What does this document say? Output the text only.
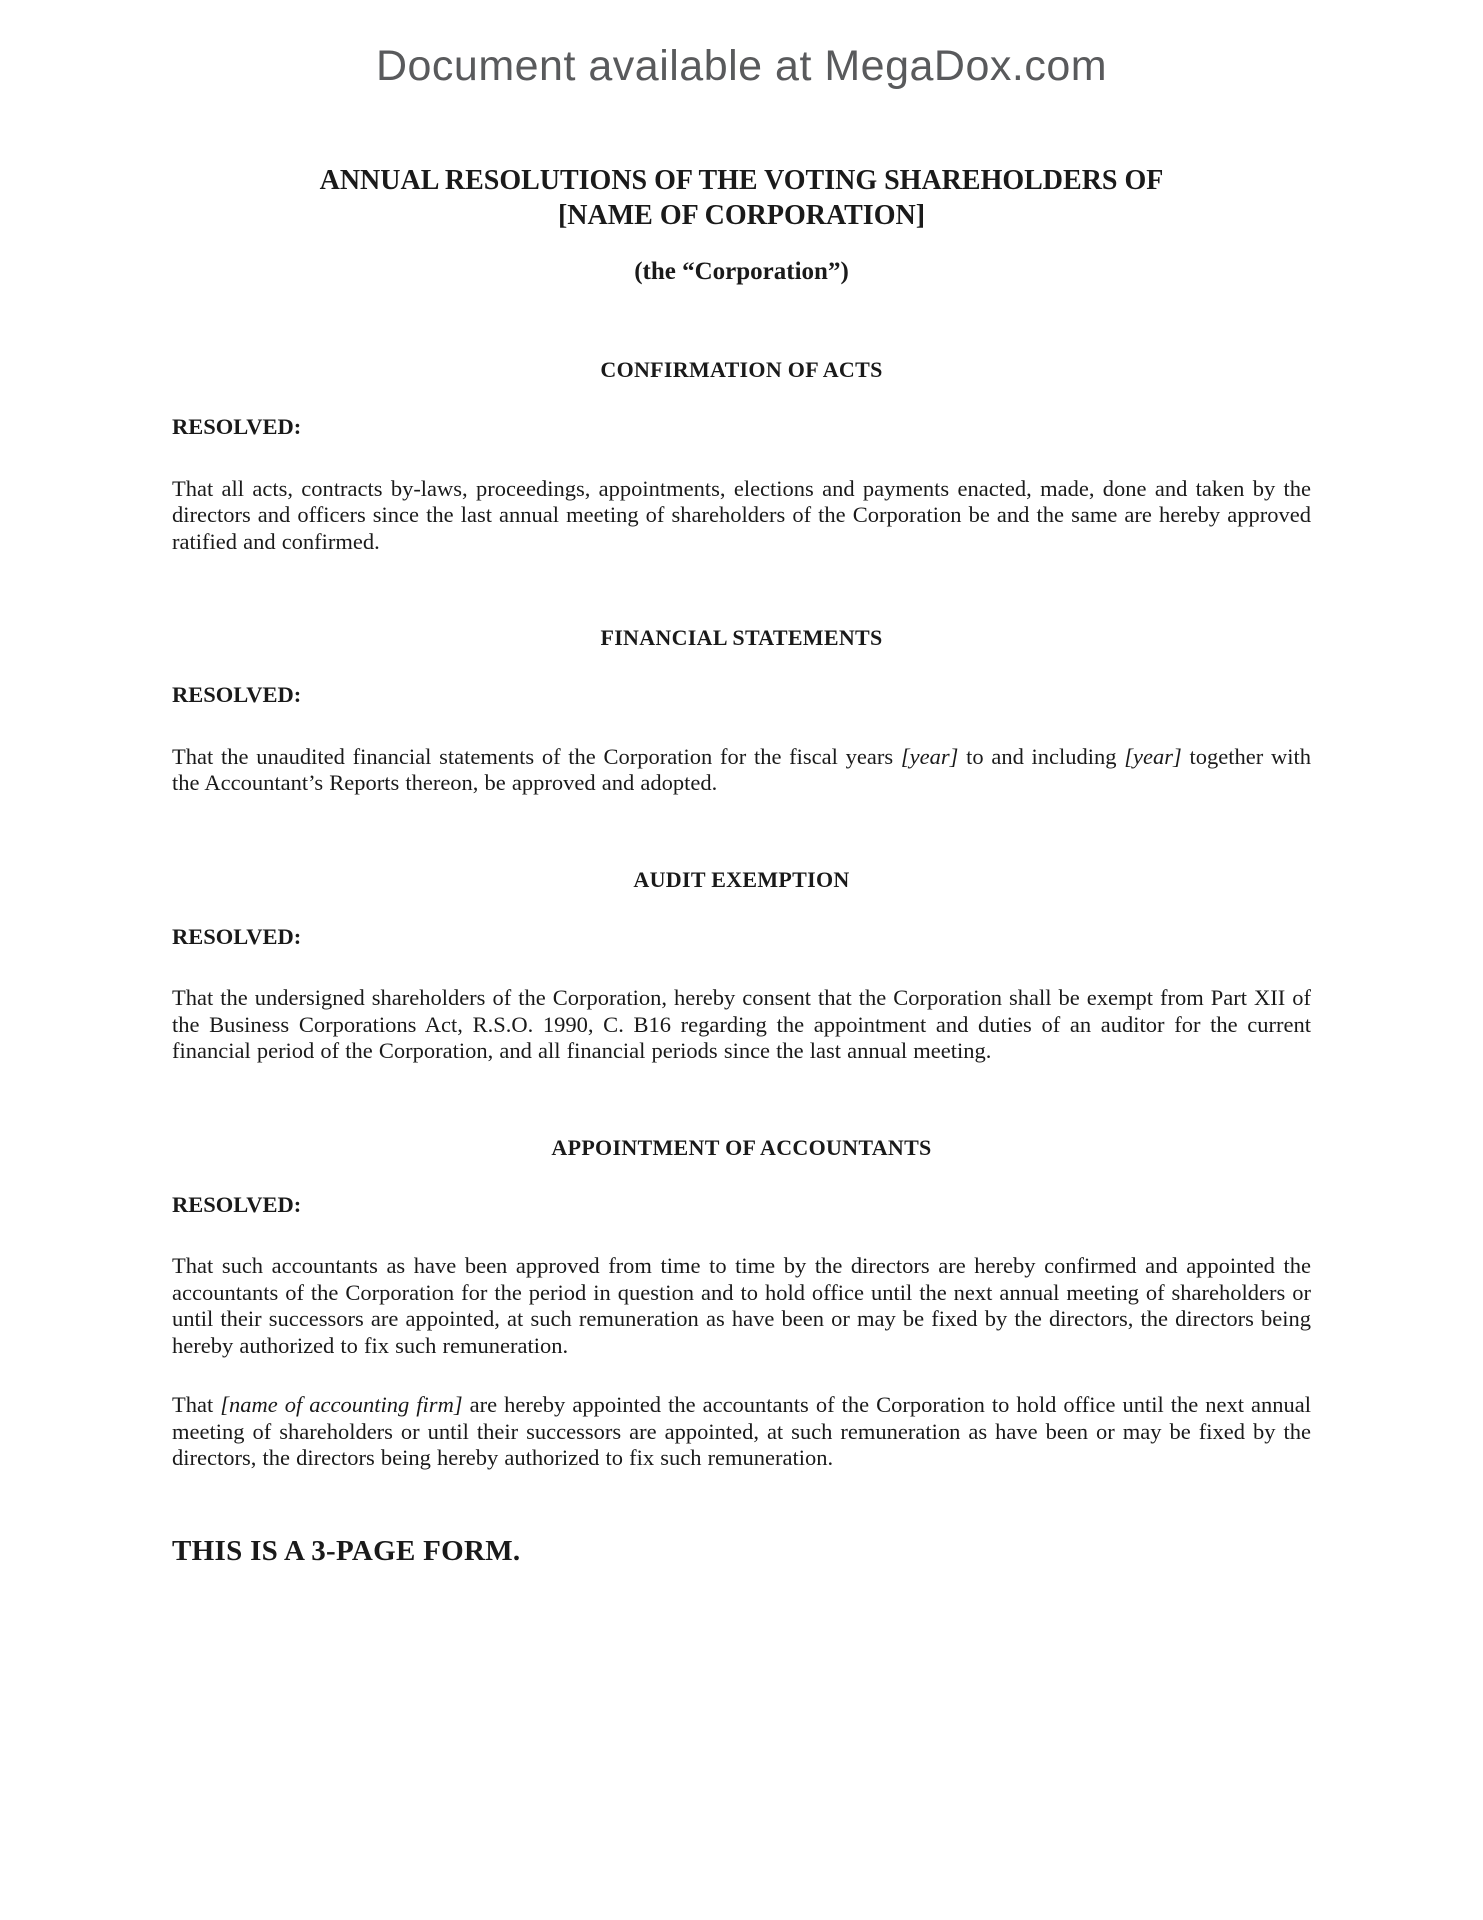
Document available at MegaDox.com
ANNUAL RESOLUTIONS OF THE VOTING SHAREHOLDERS OF
[NAME OF CORPORATION]
(the “Corporation”)
CONFIRMATION OF ACTS

RESOLVED:

That all acts, contracts by-laws, proceedings, appointments, elections and payments enacted, made, done and taken by the directors and officers since the last annual meeting of shareholders of the Corporation be and the same are hereby approved ratified and confirmed.

FINANCIAL STATEMENTS

RESOLVED:

That the unaudited financial statements of the Corporation for the fiscal years [year] to and including [year] together with the Accountant’s Reports thereon, be approved and adopted.

AUDIT EXEMPTION

RESOLVED:

That the undersigned shareholders of the Corporation, hereby consent that the Corporation shall be exempt from Part XII of the Business Corporations Act, R.S.O. 1990, C. B16 regarding the appointment and duties of an auditor for the current financial period of the Corporation, and all financial periods since the last annual meeting.

APPOINTMENT OF ACCOUNTANTS

RESOLVED:

That such accountants as have been approved from time to time by the directors are hereby confirmed and appointed the accountants of the Corporation for the period in question and to hold office until the next annual meeting of shareholders or until their successors are appointed, at such remuneration as have been or may be fixed by the directors, the directors being hereby authorized to fix such remuneration.

That [name of accounting firm] are hereby appointed the accountants of the Corporation to hold office until the next annual meeting of shareholders or until their successors are appointed, at such remuneration as have been or may be fixed by the directors, the directors being hereby authorized to fix such remuneration.

THIS IS A 3-PAGE FORM.
